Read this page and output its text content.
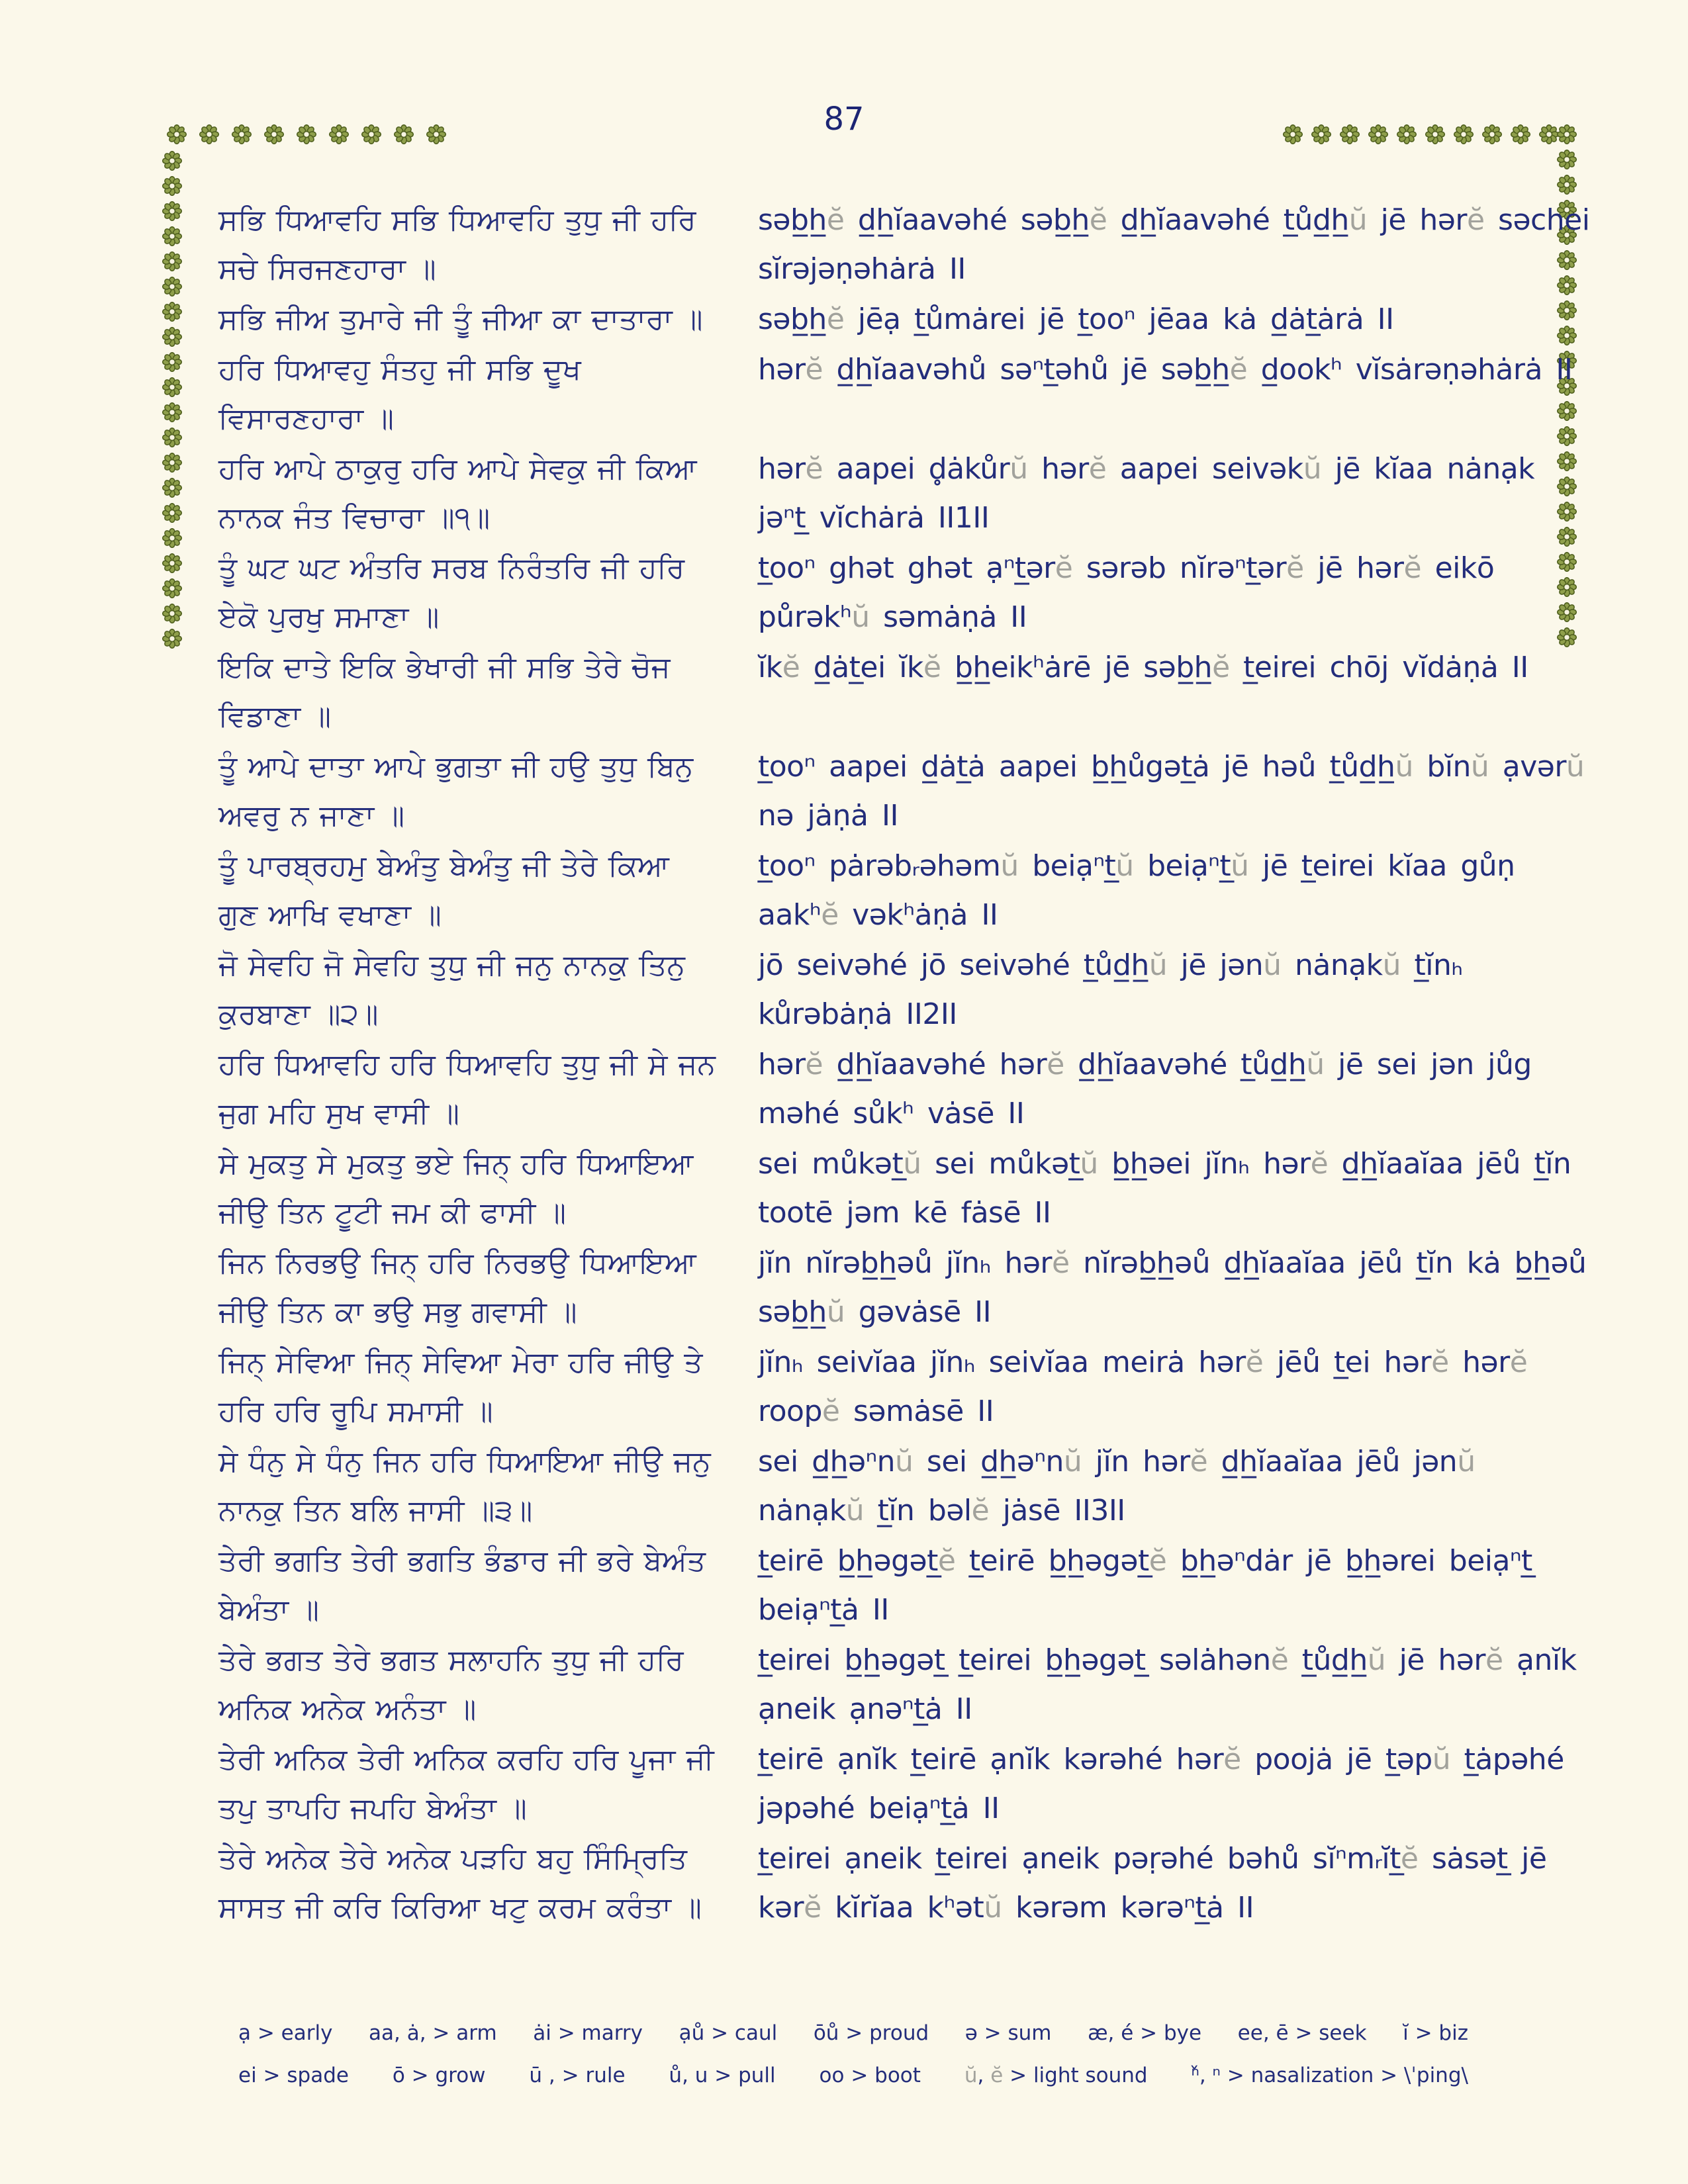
87
ਸਭਿ ਧਿਆਵਹਿ ਸਭਿ ਧਿਆਵਹਿ ਤੁਧੁ ਜੀ ਹਰਿ ਸਚੇ ਸਿਰਜਣਹਾਰਾ ॥
səb̲h̲ĕ d̲h̲ĭaavəhé səb̲h̲ĕ d̲h̲ĭaavəhé t̲ůd̲h̲ŭ jē hərĕ səchei sĭrəjəṇəhȧrȧ II
ਸਭਿ ਜੀਅ ਤੁਮਾਰੇ ਜੀ ਤੂੰ ਜੀਆ ਕਾ ਦਾਤਾਰਾ ॥	səb̲h̲ĕ jēạ t̲ůmȧrei jē t̲ooⁿ jēaa kȧ d̲ȧt̲ȧrȧ II
ਹਰਿ ਧਿਆਵਹੁ ਸੰਤਹੁ ਜੀ ਸਭਿ ਦੂਖ ਵਿਸਾਰਣਹਾਰਾ ॥
hərĕ d̲h̲ĭaavəhů səⁿt̲əhů jē səb̲h̲ĕ d̲ookʰ vĭsȧrəṇəhȧrȧ II
ਹਰਿ ਆਪੇ ਠਾਕੁਰੁ ਹਰਿ ਆਪੇ ਸੇਵਕੁ ਜੀ ਕਿਆ ਨਾਨਕ ਜੰਤ ਵਿਚਾਰਾ ॥੧॥
hərĕ aapei d̥ȧkůrŭ hərĕ aapei seivəkŭ jē kĭaa nȧnạk jəⁿt̲ vĭchȧrȧ II1II
ਤੂੰ ਘਟ ਘਟ ਅੰਤਰਿ ਸਰਬ ਨਿਰੰਤਰਿ ਜੀ ਹਰਿ ਏਕੋ ਪੁਰਖੁ ਸਮਾਣਾ ॥
t̲ooⁿ ghət ghət ạⁿt̲ərĕ sərəb nĭrəⁿt̲ərĕ jē hərĕ eikō půrəkʰŭ səmȧṇȧ II
ਇਕਿ ਦਾਤੇ ਇਕਿ ਭੇਖਾਰੀ ਜੀ ਸਭਿ ਤੇਰੇ ਚੋਜ ਵਿਡਾਣਾ ॥
ĭkĕ d̲ȧt̲ei ĭkĕ b̲h̲eikʰȧrē jē səb̲h̲ĕ t̲eirei chōj vĭdȧṇȧ II
ਤੂੰ ਆਪੇ ਦਾਤਾ ਆਪੇ ਭੁਗਤਾ ਜੀ ਹਉ ਤੁਧੁ ਬਿਨੁ ਅਵਰੁ ਨ ਜਾਣਾ ॥
t̲ooⁿ aapei d̲ȧt̲ȧ aapei b̲h̲ůgət̲ȧ jē həů t̲ůd̲h̲ŭ bĭnŭ ạvərŭ nə jȧṇȧ II
ਤੂੰ ਪਾਰਬ੍ਰਹਮੁ ਬੇਅੰਤੁ ਬੇਅੰਤੁ ਜੀ ਤੇਰੇ ਕਿਆ ਗੁਣ ਆਖਿ ਵਖਾਣਾ ॥
t̲ooⁿ pȧrəbᵣəhəmŭ beiạⁿt̲ŭ beiạⁿt̲ŭ jē t̲eirei kĭaa gůṇ aakʰĕ vəkʰȧṇȧ II
ਜੋ ਸੇਵਹਿ ਜੋ ਸੇਵਹਿ ਤੁਧੁ ਜੀ ਜਨੁ ਨਾਨਕੁ ਤਿਨੁ ਕੁਰਬਾਣਾ ॥੨॥
jō seivəhé jō seivəhé t̲ůd̲h̲ŭ jē jənŭ nȧnạkŭ t̲ĭnₕ kůrəbȧṇȧ II2II
ਹਰਿ ਧਿਆਵਹਿ ਹਰਿ ਧਿਆਵਹਿ ਤੁਧੁ ਜੀ ਸੇ ਜਨ ਜੁਗ ਮਹਿ ਸੁਖ ਵਾਸੀ ॥
hərĕ d̲h̲ĭaavəhé hərĕ d̲h̲ĭaavəhé t̲ůd̲h̲ŭ jē sei jən jůg məhé sůkʰ vȧsē II
ਸੇ ਮੁਕਤੁ ਸੇ ਮੁਕਤੁ ਭਏ ਜਿਨ੍ ਹਰਿ ਧਿਆਇਆ ਜੀਉ ਤਿਨ ਟੂਟੀ ਜਮ ਕੀ ਫਾਸੀ ॥
sei můkət̲ŭ sei můkət̲ŭ b̲h̲əei jĭnₕ hərĕ d̲h̲ĭaaĭaa jēů t̲ĭn tootē jəm kē fȧsē II
ਜਿਨ ਨਿਰਭਉ ਜਿਨ੍ ਹਰਿ ਨਿਰਭਉ ਧਿਆਇਆ ਜੀਉ ਤਿਨ ਕਾ ਭਉ ਸਭੁ ਗਵਾਸੀ ॥
jĭn nĭrəb̲h̲əů jĭnₕ hərĕ nĭrəb̲h̲əů d̲h̲ĭaaĭaa jēů t̲ĭn kȧ b̲h̲əů səb̲h̲ŭ gəvȧsē II
ਜਿਨ੍ ਸੇਵਿਆ ਜਿਨ੍ ਸੇਵਿਆ ਮੇਰਾ ਹਰਿ ਜੀਉ ਤੇ ਹਰਿ ਹਰਿ ਰੂਪਿ ਸਮਾਸੀ ॥
jĭnₕ seivĭaa jĭnₕ seivĭaa meirȧ hərĕ jēů t̲ei hərĕ hərĕ roopĕ səmȧsē II
ਸੇ ਧੰਨੁ ਸੇ ਧੰਨੁ ਜਿਨ ਹਰਿ ਧਿਆਇਆ ਜੀਉ ਜਨੁ ਨਾਨਕੁ ਤਿਨ ਬਲਿ ਜਾਸੀ ॥੩॥
sei d̲h̲əⁿnŭ sei d̲h̲əⁿnŭ jĭn hərĕ d̲h̲ĭaaĭaa jēů jənŭ nȧnạkŭ t̲ĭn bəlĕ jȧsē II3II
ਤੇਰੀ ਭਗਤਿ ਤੇਰੀ ਭਗਤਿ ਭੰਡਾਰ ਜੀ ਭਰੇ ਬੇਅੰਤ ਬੇਅੰਤਾ ॥
t̲eirē b̲h̲əgət̲ĕ t̲eirē b̲h̲əgət̲ĕ b̲h̲əⁿdȧr jē b̲h̲ərei beiạⁿt̲ beiạⁿt̲ȧ II
ਤੇਰੇ ਭਗਤ ਤੇਰੇ ਭਗਤ ਸਲਾਹਨਿ ਤੁਧੁ ਜੀ ਹਰਿ ਅਨਿਕ ਅਨੇਕ ਅਨੰਤਾ ॥
t̲eirei b̲h̲əgət̲ t̲eirei b̲h̲əgət̲ səlȧhənĕ t̲ůd̲h̲ŭ jē hərĕ ạnĭk ạneik ạnəⁿt̲ȧ II
ਤੇਰੀ ਅਨਿਕ ਤੇਰੀ ਅਨਿਕ ਕਰਹਿ ਹਰਿ ਪੂਜਾ ਜੀ ਤਪੁ ਤਾਪਹਿ ਜਪਹਿ ਬੇਅੰਤਾ ॥
t̲eirē ạnĭk t̲eirē ạnĭk kərəhé hərĕ poojȧ jē t̲əpŭ t̲ȧpəhé jəpəhé beiạⁿt̲ȧ II
ਤੇਰੇ ਅਨੇਕ ਤੇਰੇ ਅਨੇਕ ਪੜਹਿ ਬਹੁ ਸਿੰਮ੍ਰਿਤਿ ਸਾਸਤ ਜੀ ਕਰਿ ਕਿਰਿਆ ਖਟੁ ਕਰਮ ਕਰੰਤਾ ॥
t̲eirei ạneik t̲eirei ạneik pəṛəhé bəhů sĭⁿmᵣĭt̲ĕ sȧsət̲ jē kərĕ kĭrĭaa kʰətŭ kərəm kərəⁿt̲ȧ II
ạ > early aa, ȧ, > arm ȧi > marry ạů > caul ōů > proud ə > sum æ, é > bye ee, ē > seek ĭ > biz
ei > spade ō > grow ū , > rule ů, u > pull oo > boot ŭ, ĕ > light sound ⁿ̌, ⁿ > nasalization > \ˈping\
